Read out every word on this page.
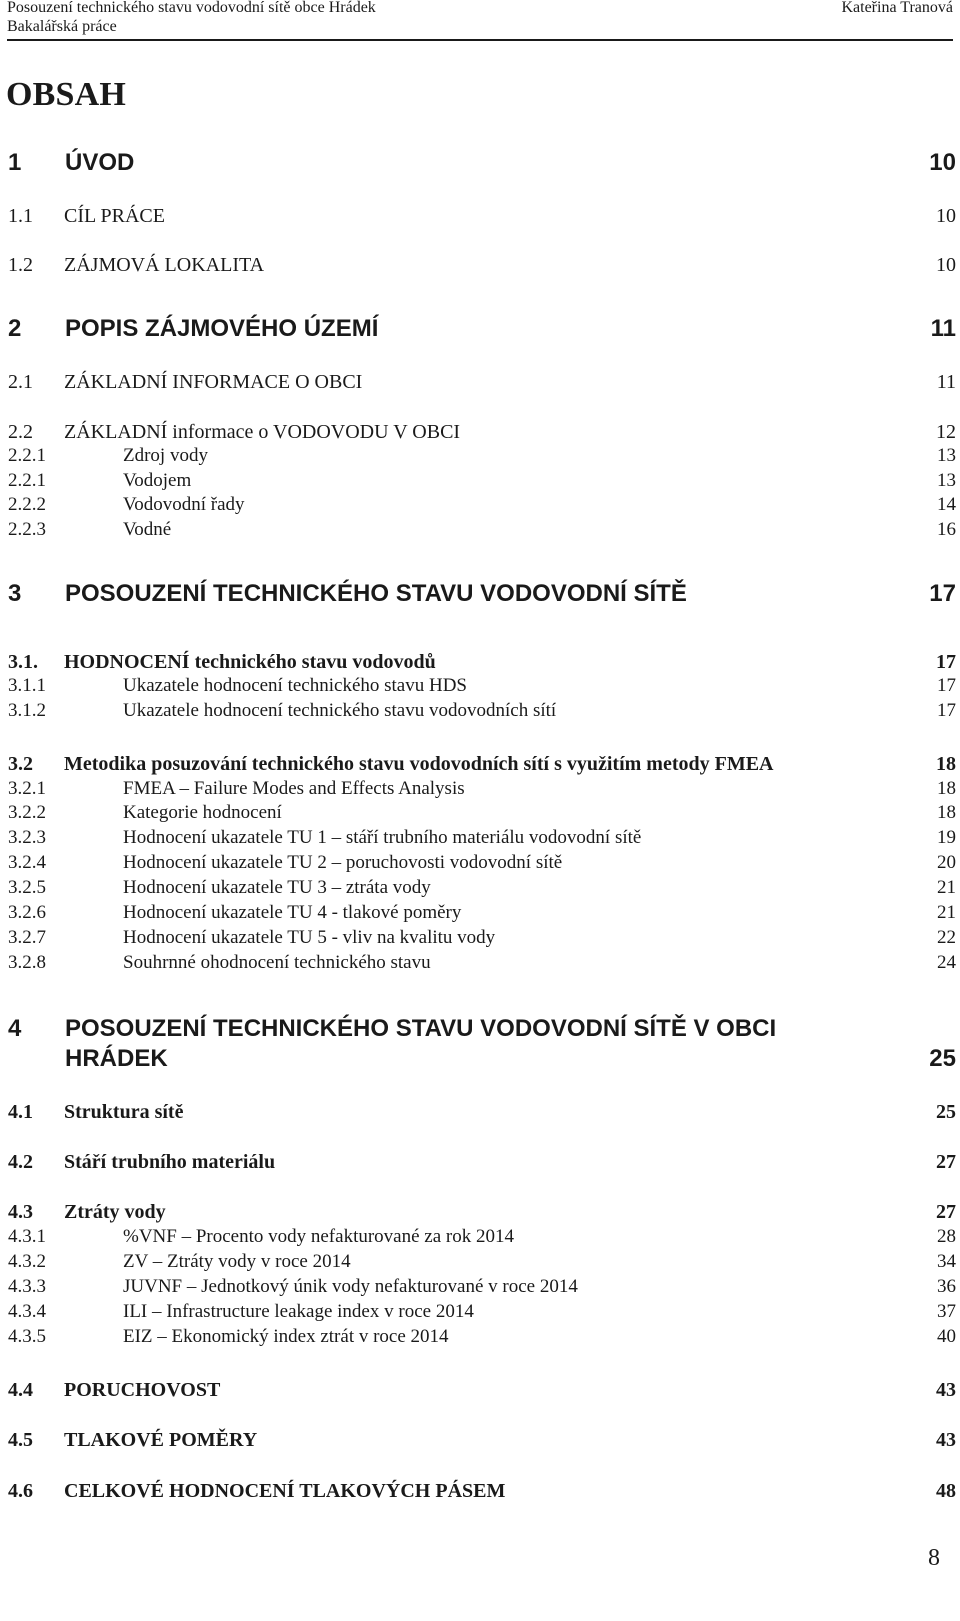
Posouzení technického stavu vodovodní sítě obce Hrádek
Bakalářská práce
Kateřina Tranová
OBSAH
1 ÚVOD	10
1.1 CÍL PRÁCE	10
1.2 ZÁJMOVÁ LOKALITA	10
2 POPIS ZÁJMOVÉHO ÚZEMÍ	11
2.1 ZÁKLADNÍ INFORMACE O OBCI	11
2.2 ZÁKLADNÍ informace o VODOVODU V OBCI	12
2.2.1	Zdroj vody	13
2.2.1	Vodojem	13
2.2.2	Vodovodní řady	14
2.2.3	Vodné	16
3 POSOUZENÍ TECHNICKÉHO STAVU VODOVODNÍ SÍTĚ	17
3.1. HODNOCENÍ technického stavu vodovodů	17
3.1.1	Ukazatele hodnocení technického stavu HDS	17
3.1.2	Ukazatele hodnocení technického stavu vodovodních sítí	17
3.2 Metodika posuzování technického stavu vodovodních sítí s využitím metody FMEA	18
3.2.1	FMEA – Failure Modes and Effects Analysis	18
3.2.2	Kategorie hodnocení	18
3.2.3	Hodnocení ukazatele TU 1 – stáří trubního materiálu vodovodní sítě	19
3.2.4	Hodnocení ukazatele TU 2 – poruchovosti vodovodní sítě	20
3.2.5	Hodnocení ukazatele TU 3 – ztráta vody	21
3.2.6	Hodnocení ukazatele TU 4 - tlakové poměry	21
3.2.7	Hodnocení ukazatele TU 5 - vliv na kvalitu vody	22
3.2.8	Souhrnné ohodnocení technického stavu	24
4 POSOUZENÍ TECHNICKÉHO STAVU VODOVODNÍ SÍTĚ V OBCI
HRÁDEK	25
4.1 Struktura sítě	25
4.2 Stáří trubního materiálu	27
4.3 Ztráty vody	27
4.3.1	%VNF – Procento vody nefakturované za rok 2014	28
4.3.2	ZV – Ztráty vody v roce 2014	34
4.3.3	JUVNF – Jednotkový únik vody nefakturované v roce 2014	36
4.3.4	ILI – Infrastructure leakage index v roce 2014	37
4.3.5	EIZ – Ekonomický index ztrát v roce 2014	40
4.4 PORUCHOVOST	43
4.5 TLAKOVÉ POMĚRY	43
4.6 CELKOVÉ HODNOCENÍ TLAKOVÝCH PÁSEM	48
8
